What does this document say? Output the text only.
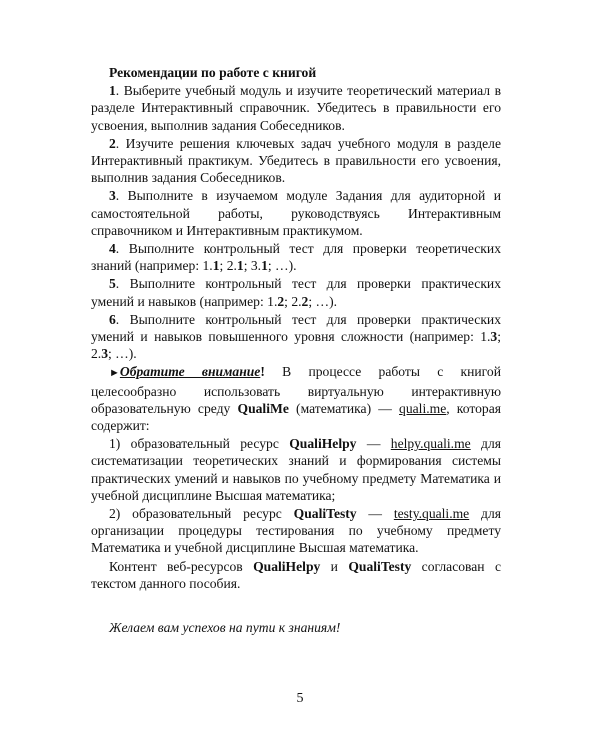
Рекомендации по работе с книгой

1. Выберите учебный модуль и изучите теоретический материал в разделе Интерактивный справочник. Убедитесь в правильности его усвоения, выполнив задания Собеседников.

2. Изучите решения ключевых задач учебного модуля в разделе Интерактивный практикум. Убедитесь в правильности его усвоения, выполнив задания Собеседников.

3. Выполните в изучаемом модуле Задания для аудиторной и самостоятельной работы, руководствуясь Интерактивным справочником и Интерактивным практикумом.

4. Выполните контрольный тест для проверки теоретических знаний (например: 1.1; 2.1; 3.1; …).

5. Выполните контрольный тест для проверки практических умений и навыков (например: 1.2; 2.2; …).

6. Выполните контрольный тест для проверки практических умений и навыков повышенного уровня сложности (например: 1.3; 2.3; …).

►Обратите внимание! В процессе работы с книгой целесообразно использовать виртуальную интерактивную образовательную среду QualiMe (математика) — quali.me, которая содержит:

1) образовательный ресурс QualiHelpy — helpy.quali.me для систематизации теоретических знаний и формирования системы практических умений и навыков по учебному предмету Математика и учебной дисциплине Высшая математика;

2) образовательный ресурс QualiTesty — testy.quali.me для организации процедуры тестирования по учебному предмету Математика и учебной дисциплине Высшая математика.

Контент веб-ресурсов QualiHelpy и QualiTesty согласован с текстом данного пособия.

Желаем вам успехов на пути к знаниям!

5
